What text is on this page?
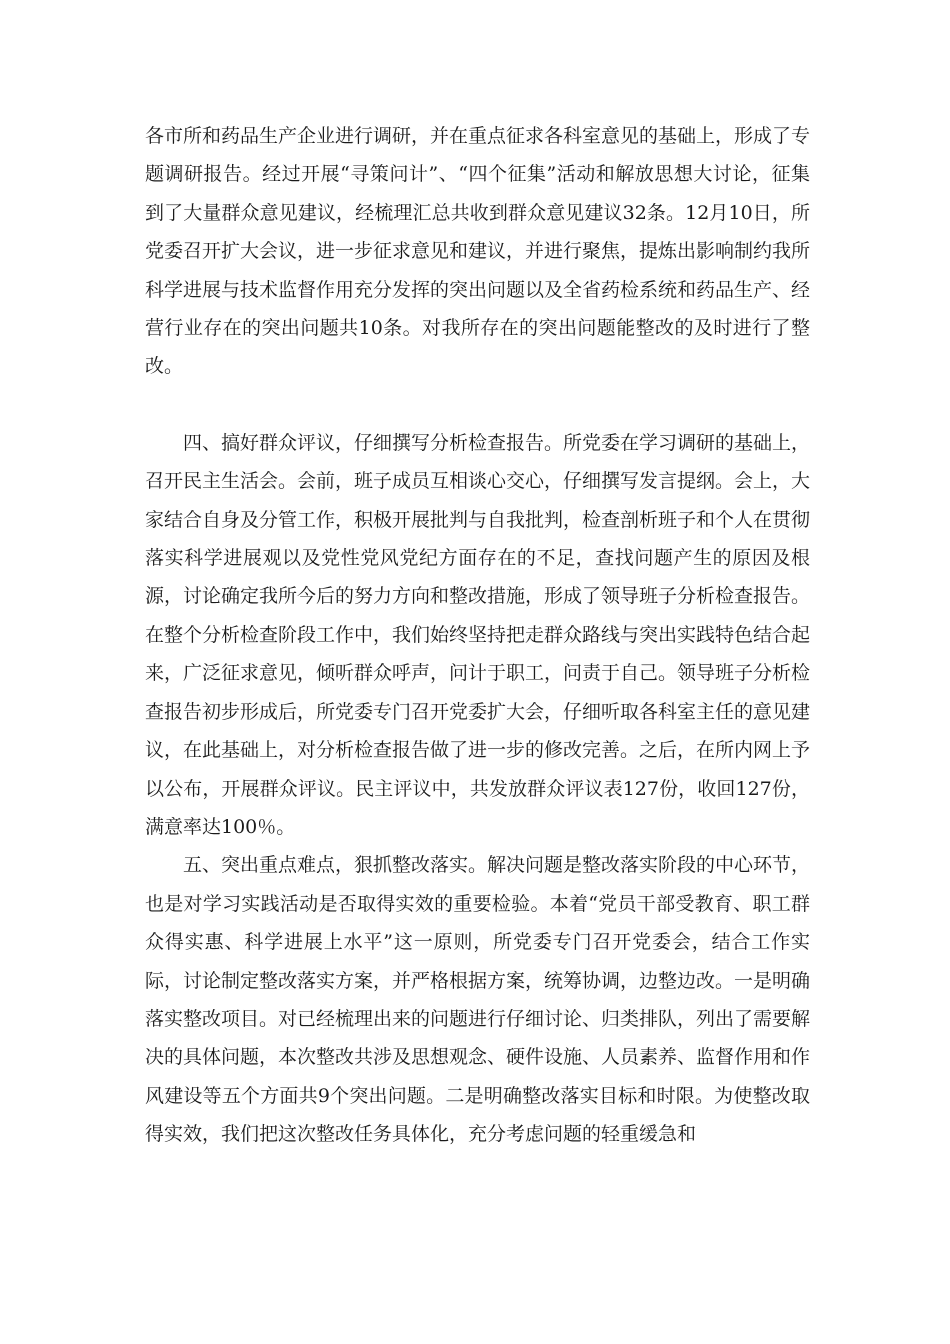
各市所和药品生产企业进行调研，并在重点征求各科室意见的基础上，形成了专题调研报告。经过开展“寻策问计”、“四个征集”活动和解放思想大讨论，征集到了大量群众意见建议，经梳理汇总共收到群众意见建议32条。12月10日，所党委召开扩大会议，进一步征求意见和建议，并进行聚焦，提炼出影响制约我所科学进展与技术监督作用充分发挥的突出问题以及全省药检系统和药品生产、经营行业存在的突出问题共10条。对我所存在的突出问题能整改的及时进行了整改。

四、搞好群众评议，仔细撰写分析检查报告。所党委在学习调研的基础上，召开民主生活会。会前，班子成员互相谈心交心，仔细撰写发言提纲。会上，大家结合自身及分管工作，积极开展批判与自我批判，检查剖析班子和个人在贯彻落实科学进展观以及党性党风党纪方面存在的不足，查找问题产生的原因及根源，讨论确定我所今后的努力方向和整改措施，形成了领导班子分析检查报告。在整个分析检查阶段工作中，我们始终坚持把走群众路线与突出实践特色结合起来，广泛征求意见，倾听群众呼声，问计于职工，问责于自己。领导班子分析检查报告初步形成后，所党委专门召开党委扩大会，仔细听取各科室主任的意见建议，在此基础上，对分析检查报告做了进一步的修改完善。之后，在所内网上予以公布，开展群众评议。民主评议中，共发放群众评议表127份，收回127份，满意率达100％。

五、突出重点难点，狠抓整改落实。解决问题是整改落实阶段的中心环节，也是对学习实践活动是否取得实效的重要检验。本着“党员干部受教育、职工群众得实惠、科学进展上水平”这一原则，所党委专门召开党委会，结合工作实际，讨论制定整改落实方案，并严格根据方案，统筹协调，边整边改。一是明确落实整改项目。对已经梳理出来的问题进行仔细讨论、归类排队，列出了需要解决的具体问题，本次整改共涉及思想观念、硬件设施、人员素养、监督作用和作风建设等五个方面共9个突出问题。二是明确整改落实目标和时限。为使整改取得实效，我们把这次整改任务具体化，充分考虑问题的轻重缓急和
